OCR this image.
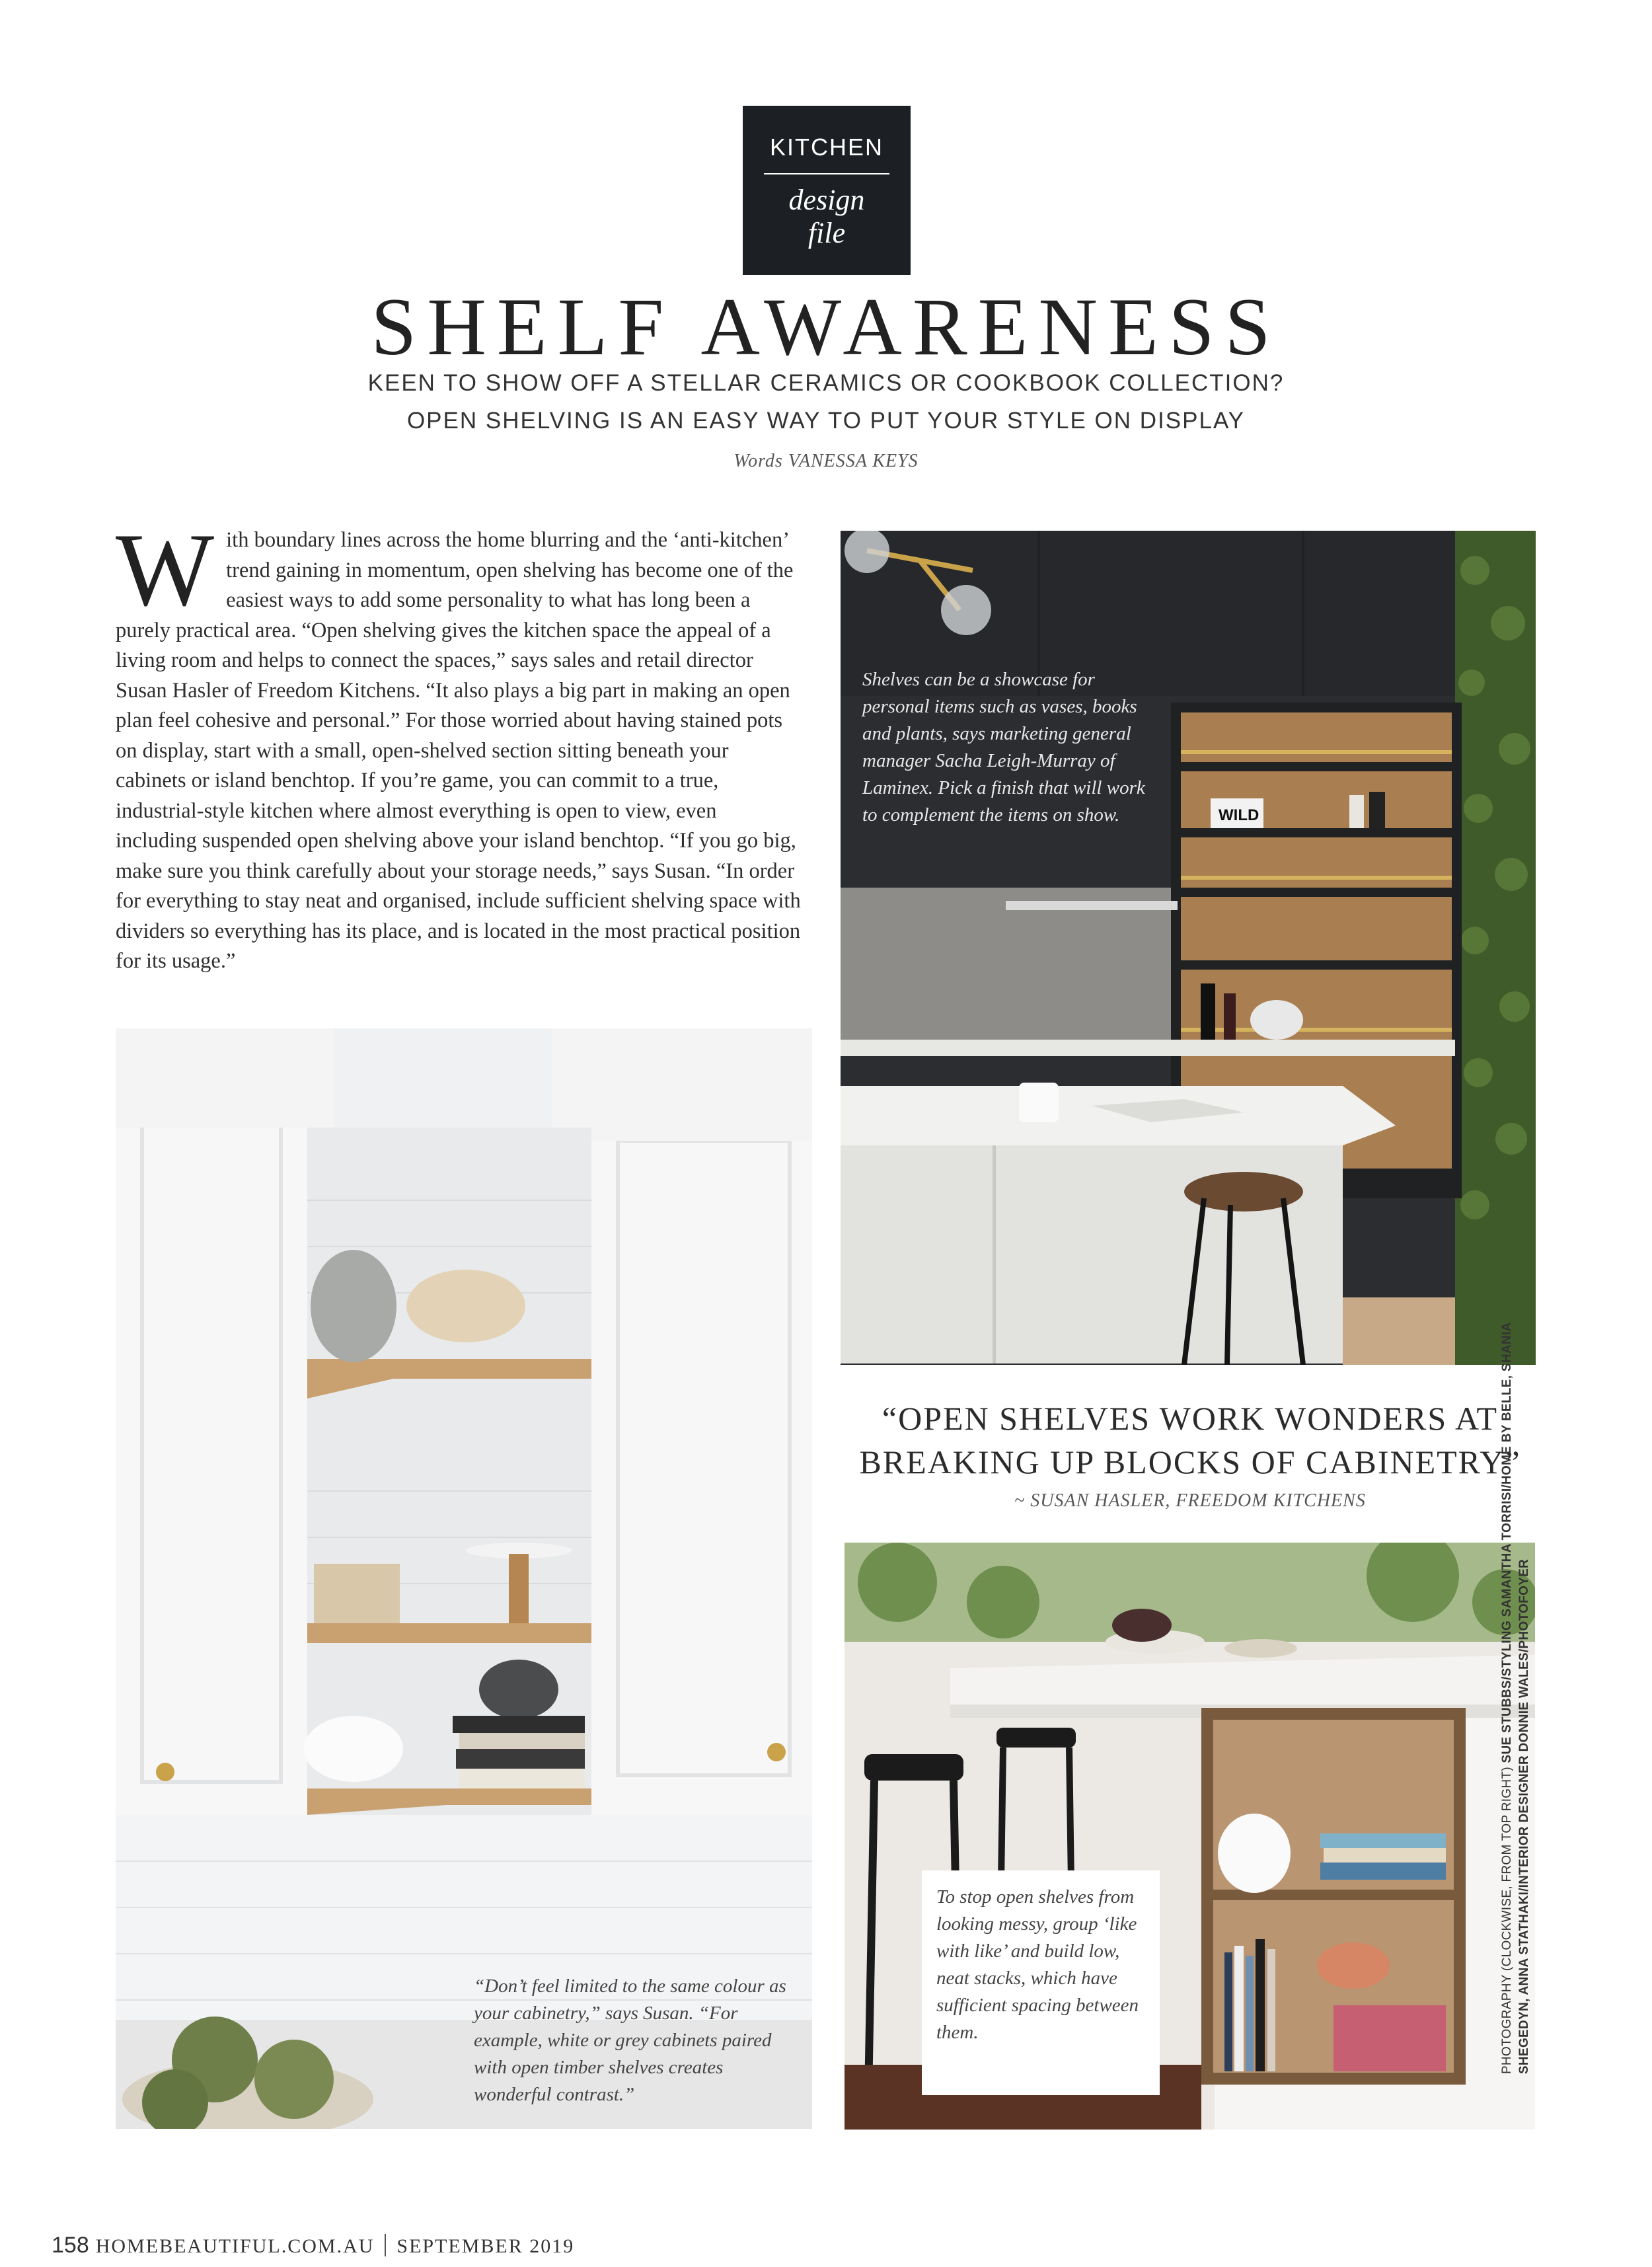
KITCHEN
design
file
SHELF AWARENESS
KEEN TO SHOW OFF A STELLAR CERAMICS OR COOKBOOK COLLECTION?
OPEN SHELVING IS AN EASY WAY TO PUT YOUR STYLE ON DISPLAY
Words VANESSA KEYS
W ith boundary lines across the home blurring and the ‘anti-kitchen’ trend gaining in momentum, open shelving has become one of the easiest ways to add some personality to what has long been a purely practical area. “Open shelving gives the kitchen space the appeal of a living room and helps to connect the spaces,” says sales and retail director Susan Hasler of Freedom Kitchens. “It also plays a big part in making an open plan feel cohesive and personal.” For those worried about having stained pots on display, start with a small, open-shelved section sitting beneath your cabinets or island benchtop. If you’re game, you can commit to a true, industrial-style kitchen where almost everything is open to view, even including suspended open shelving above your island benchtop. “If you go big, make sure you think carefully about your storage needs,” says Susan. “In order for everything to stay neat and organised, include sufficient shelving space with dividers so everything has its place, and is located in the most practical position for its usage.”
WILD
Shelves can be a showcase for personal items such as vases, books and plants, says marketing general manager Sacha Leigh-Murray of Laminex. Pick a finish that will work to complement the items on show.
“OPEN SHELVES WORK WONDERS AT BREAKING UP BLOCKS OF CABINETRY”
~ SUSAN HASLER, FREEDOM KITCHENS
“Don’t feel limited to the same colour as your cabinetry,” says Susan. “For example, white or grey cabinets paired with open timber shelves creates wonderful contrast.”
To stop open shelves from looking messy, group ‘like with like’ and build low, neat stacks, which have sufficient spacing between them.	PHOTOGRAPHY (CLOCKWISE, FROM TOP RIGHT) SUE STUBBS/STYLING SAMANTHA TORRISI/HOME BY BELLE, SHANIA SHEGEDYN, ANNA STATHAKI/INTERIOR DESIGNER DONNIE WALES/PHOTOFOYER
158 HOMEBEAUTIFUL.COM.AU SEPTEMBER 2019
